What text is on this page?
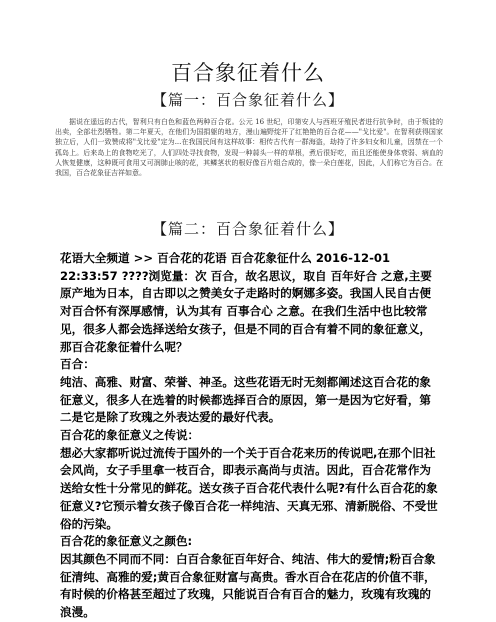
百合象征着什么
【篇一：百合象征着什么】

据说在遥远的古代，智利只有白色和蓝色两种百合花。公元 16 世纪，印第安人与西班牙殖民者进行抗争时，由于叛徒的出卖，全部壮烈牺牲。第二年夏天，在他们为国捐躯的地方，漫山遍野绽开了红艳艳的百合花——"戈比爱"。在智利获得国家独立后，人们一致赞成将"戈比爱"定为...在我国民间有这样故事：相传古代有一群海盗，劫持了许多妇女和儿童，因禁在一个孤岛上。后来岛上的食物吃光了，人们四处寻找食物，发现一种蒜头一样的草根，煮后很好吃，而且还能使身体衰弱、病血的人恢复健康，这种既可食用又可润肺止咳的花，其鳞茎状的根好像百片组合成的，像一朵白莲花，因此，人们称它为百合。在我国，百合花象征吉祥如意。

【篇二：百合象征着什么】

花语大全频道 >> 百合花的花语 百合花象征什么 2016-12-01 22:33:57 ????浏览量：次 百合，故名思议，取自 百年好合 之意,主要原产地为日本，自古即以之赞美女子走路时的婀娜多姿。我国人民自古便对百合怀有深厚感情，认为其有 百事合心 之意。在我们生活中也比较常见，很多人都会选择送给女孩子，但是不同的百合有着不同的象征意义，那百合花象征着什么呢？

百合：

纯洁、高雅、财富、荣誉、神圣。这些花语无时无刻都阐述这百合花的象征意义，很多人在选着的时候都选择百合的原因，第一是因为它好看，第二是它是除了玫瑰之外表达爱的最好代表。

百合花的象征意义之传说：

想必大家都听说过流传于国外的一个关于百合花来历的传说吧,在那个旧社会风尚，女子手里拿一枝百合，即表示高尚与贞洁。因此，百合花常作为送给女性十分常见的鲜花。送女孩子百合花代表什么呢?有什么百合花的象征意义?它预示着女孩子像百合花一样纯洁、天真无邪、清新脱俗、不受世俗的污染。

百合花的象征意义之颜色:

因其颜色不同而不同：白百合象征百年好合、纯洁、伟大的爱情;粉百合象征清纯、高雅的爱;黄百合象征财富与高贵。香水百合在花店的价值不菲，有时候的价格甚至超过了玫瑰，只能说百合有百合的魅力，玫瑰有玫瑰的浪漫。
